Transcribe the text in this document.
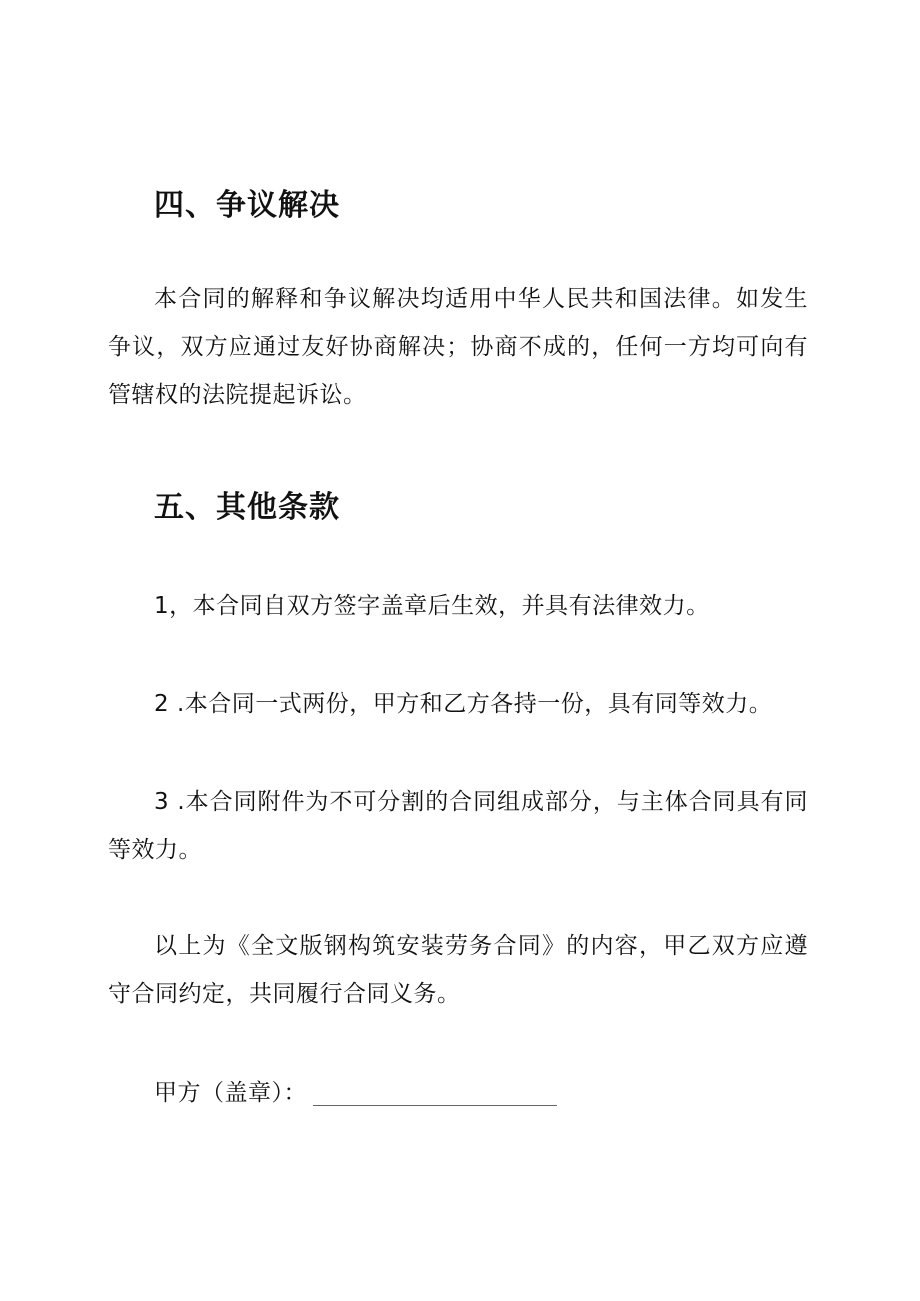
四、争议解决

本合同的解释和争议解决均适用中华人民共和国法律。如发生争议，双方应通过友好协商解决；协商不成的，任何一方均可向有管辖权的法院提起诉讼。

五、其他条款

1，本合同自双方签字盖章后生效，并具有法律效力。

2 .本合同一式两份，甲方和乙方各持一份，具有同等效力。

3 .本合同附件为不可分割的合同组成部分，与主体合同具有同等效力。

以上为《全文版钢构筑安装劳务合同》的内容，甲乙双方应遵守合同约定，共同履行合同义务。

甲方（盖章）：
